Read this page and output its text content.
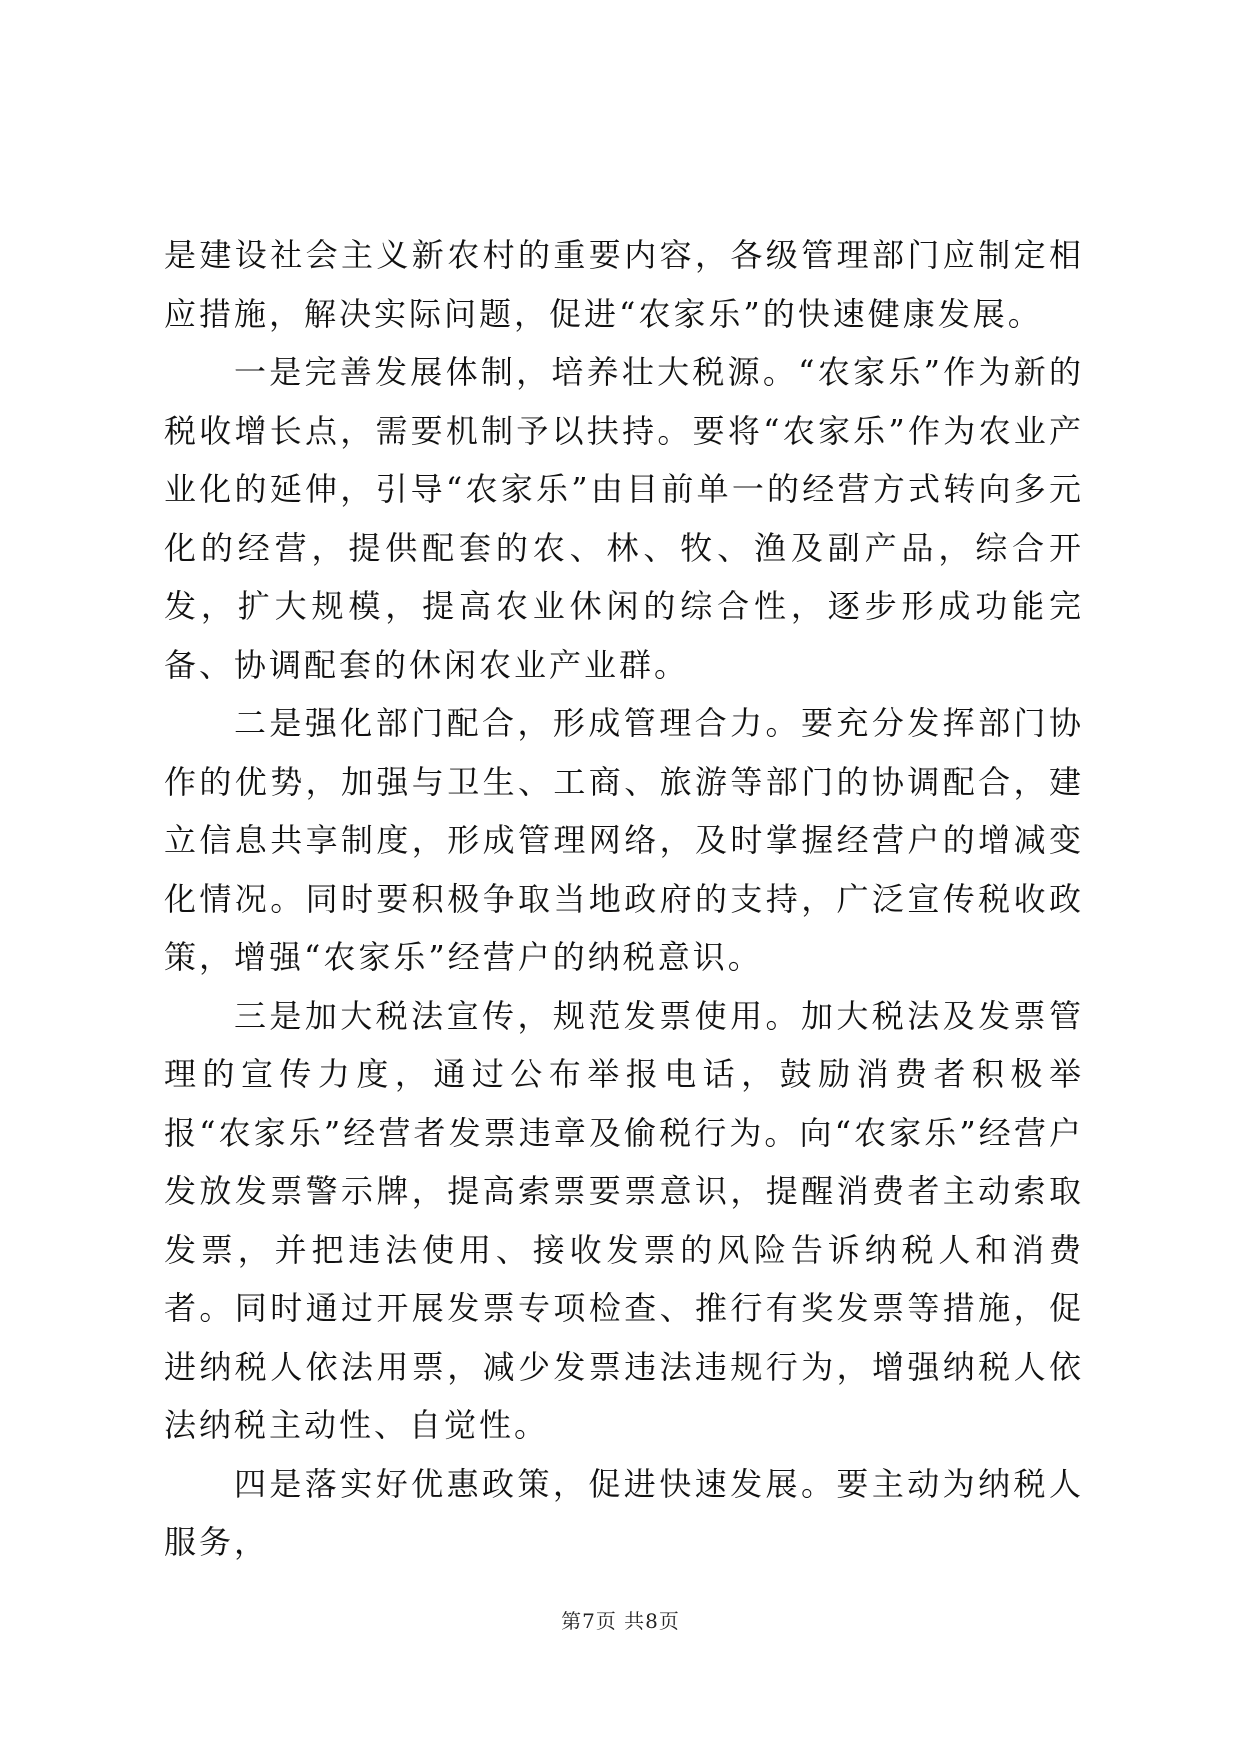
是建设社会主义新农村的重要内容，各级管理部门应制定相应措施，解决实际问题，促进“农家乐”的快速健康发展。

一是完善发展体制，培养壮大税源。“农家乐”作为新的税收增长点，需要机制予以扶持。要将“农家乐”作为农业产业化的延伸，引导“农家乐”由目前单一的经营方式转向多元化的经营，提供配套的农、林、牧、渔及副产品，综合开发，扩大规模，提高农业休闲的综合性，逐步形成功能完备、协调配套的休闲农业产业群。

二是强化部门配合，形成管理合力。要充分发挥部门协作的优势，加强与卫生、工商、旅游等部门的协调配合，建立信息共享制度，形成管理网络，及时掌握经营户的增减变化情况。同时要积极争取当地政府的支持，广泛宣传税收政策，增强“农家乐”经营户的纳税意识。

三是加大税法宣传，规范发票使用。加大税法及发票管理的宣传力度，通过公布举报电话，鼓励消费者积极举报“农家乐”经营者发票违章及偷税行为。向“农家乐”经营户发放发票警示牌，提高索票要票意识，提醒消费者主动索取发票，并把违法使用、接收发票的风险告诉纳税人和消费者。同时通过开展发票专项检查、推行有奖发票等措施，促进纳税人依法用票，减少发票违法违规行为，增强纳税人依法纳税主动性、自觉性。

四是落实好优惠政策，促进快速发展。要主动为纳税人服务，

第7页 共8页
